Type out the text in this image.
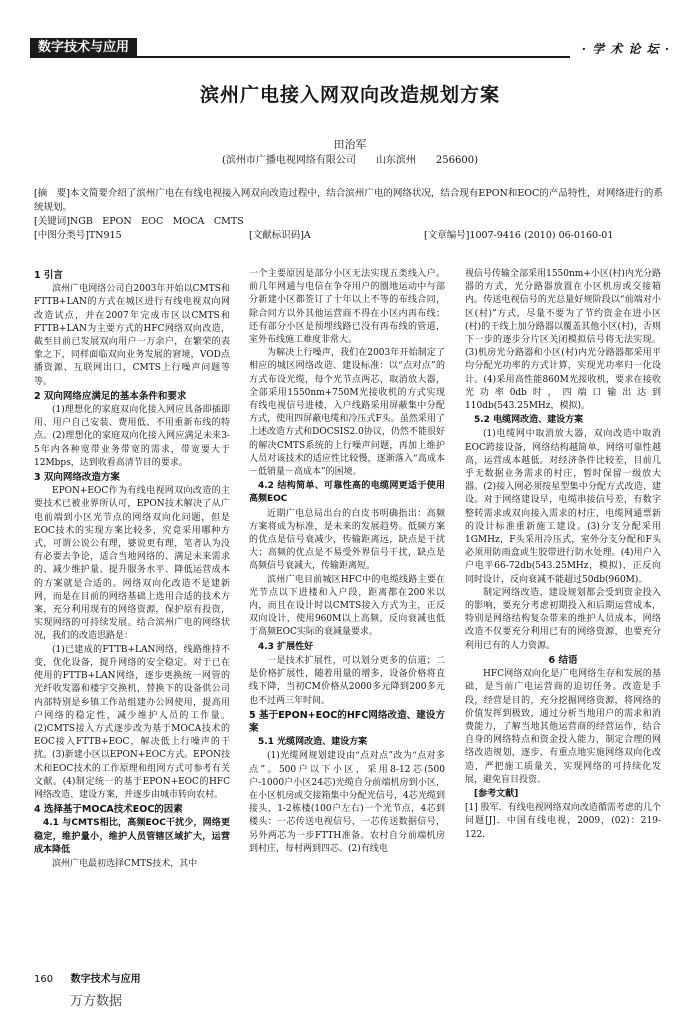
数字技术与应用	· 学 术 论 坛 ·
滨州广电接入网双向改造规划方案
田治军
(滨州市广播电视网络有限公司　　山东滨州　　256600)

[摘　要]本文简要介绍了滨州广电在有线电视接入网双向改造过程中，结合滨州广电的网络状况，结合现有EPON和EOC的产品特性，对网络进行的系统规划。

[关键词]NGB　EPON　EOC　MOCA　CMTS

[中图分类号]TN915	[文献标识码]A	[文章编号]1007-9416 (2010) 06-0160-01
1 引言

滨州广电网络公司自2003年开始以CMTS和FTTB+LAN的方式在城区进行有线电视双向网改造试点，并在2007年完成市区以CMTS和FTTB+LAN为主要方式的HFC网络双向改造，截至目前已发展双向用户一万余户，在繁荣的表象之下，同样面临双向业务发展的窘境，VOD点播资源、互联网出口，CMTS上行噪声问题等等。

2 双向网络应满足的基本条件和要求

(1)理想化的家庭双向化接入网应具备即插即用、用户自己安装、费用低、不用重新布线的特点。(2)理想化的家庭双向化接入网应满足未来3-5年内各种宽带业务带宽的需求，带宽要大于12Mbps，达到收看高清节目的要求。

3 双向网络改造方案

EPON+EOC作为有线电视网双向改造的主要技术已被业界所认可，EPON技术解决了从广电前端到小区光节点的网络双向化问题，但是EOC技术的实现方案比较多，究竟采用哪种方式，可谓公说公有理，婆说更有理，笔者认为没有必要去争论，适合当地网络的、满足未来需求的、减少维护量、提升服务水平、降低运营成本的方案就是合适的。网络双向化改造不是建新网，而是在目前的网络基础上选用合适的技术方案，充分利用现有的网络资源，保护原有投资，实现网络的可持续发展。结合滨州广电的网络状况，我们的改造思路是：

(1)已建成的FTTB+LAN网络，线路维持不变，优化设备，提升网络的安全稳定。对于已在使用的FTTB+LAN网络，逐步更换统一网管的光纤收发器和楼宇交换机，替换下的设备供公司内部特别是乡镇工作站组建办公网使用，提高用户网络的稳定性，减少维护人员的工作量。(2)CMTS接入方式逐步改为基于MOCA技术的EOC接入FTTB+EOC，解决低上行噪声的干扰。(3)新建小区以EPON+EOC方式。EPON技术和EOC技术的工作原理和组网方式可参考有关文献。(4)制定统一的基于EPON+EOC的HFC网络改造、建设方案，并逐步由城市转向农村。

4 选择基于MOCA技术EOC的因素
4.1 与CMTS相比，高频EOC干扰少，网络更稳定，维护量小，维护人员管辖区域扩大，运营成本降低

滨州广电最初选择CMTS技术，其中

一个主要原因是部分小区无法实现五类线入户。前几年网通与电信在争夺用户的圈地运动中与部分新建小区都签订了十年以上不等的布线合同，除合同方以外其他运营商不得在小区内再布线；还有部分小区是预埋线路已没有再布线的管道，室外布线施工难度非常大。

为解决上行噪声，我们在2003年开始制定了相应的城区网络改造、建设标准：以“点对点”的方式布设光缆，每个光节点两芯，取消放大器，全部采用1550nm+750M光接收机的方式实现有线电视信号进楼，入户线路采用屏蔽集中分配方式，使用四屏蔽电缆和冷压式F头。虽然采用了上述改造方式和DOCSIS2.0协议，仍然不能很好的解决CMTS系统的上行噪声问题，再加上维护人员对该技术的适应性比较慢，逐渐落入“高成本－低销量－高成本”的困境。

4.2 结构简单、可靠性高的电缆网更适于使用高频EOC

近期广电总局出台的白皮书明确指出：高频方案将成为标准，是未来的发展趋势。低频方案的优点是信号衰减少，传输距离远，缺点是干扰大；高频的优点是不易受外界信号干扰，缺点是高频信号衰减大，传输距离短。

滨州广电目前城区HFC中的电缆线路主要在光节点以下进楼和入户段，距离都在200米以内，而且在设计时以CMTS接入方式为主，正反双向设计，使用960M以上高频，反向衰减也低于高频EOC实际的衰减量要求。

4.3 扩展性好

一是技术扩展性，可以划分更多的信道；二是价格扩展性，随着用量的增多，设备价格将直线下降，当初CM价格从2000多元降到200多元也不过两三年时间。

5 基于EPON+EOC的HFC网络改造、建设方案
5.1 光缆网改造、建设方案

(1)光缆网规划建设由“点对点”改为“点对多点”。500户以下小区，采用8-12芯(500户-1000户小区24芯)光缆自分前端机房到小区，在小区机房或交接箱集中分配光信号，4芯光缆到接头，1-2栋楼(100户左右)一个光节点，4芯到楼头：一芯传送电视信号，一芯传送数据信号，另外两芯为一步FTTH准备。农村自分前端机房到村庄，每村两到四芯。(2)有线电

视信号传输全部采用1550nm+小区(村)内光分路器的方式，光分路器放置在小区机房或交接箱内。传送电视信号的光总量好规阶段以“前端对小区(村)”方式，尽量不要为了节约资金在进小区(村)的干线上加分路器以覆盖其他小区(村)，否则下一步的逐步分片区关闭模拟信号将无法实现。(3)机房光分路器和小区(村)内光分路器都采用平均分配光功率的方式计算，实现光功率归一化设计。(4)采用高性能860M光接收机，要求在接收光功率0db时，四端口输出达到110db(543.25MHz，模拟)。

5.2 电缆网改造、建设方案

(1)电缆网中取消放大器，双向改造中取消EOC跨接设备，网络结构越简单，网络可靠性越高，运营成本越低。对经济条件比较差，目前几乎无数据业务需求的村庄，暂时保留一级放大器。(2)接入网必须按星型集中分配方式改造、建设。对于网络建设早，电缆串接信号差，有数字整转需求或双向接入需求的村庄，电缆网通票新的设计标准重新施工建设。(3)分支分配采用1GMHz，F头采用冷压式，室外分支分配和F头必须用防雨盒或生胶带进行防水处理。(4)用户入户电平66-72db(543.25MHz，模拟)，正反向同时设计，反向衰减不能超过50db(960M)。

制定网络改造、建设规划都会受到资金投入的影响，要充分考虑初期投入和后期运营成本，特别是网络结构复杂带来的维护人员成本，网络改造不仅要充分利用已有的网络资源，也要充分利用已有的人力资源。

6 结语

HFC网络双向化是广电网络生存和发展的基础，是当前广电运营商的迫切任务。改造是手段，经营是目的，充分挖掘网络资源，将网络的价值发挥到极致，通过分析当地用户的需求和消费能力，了解当地其他运营商的经营运作，结合自身的网络特点和资金投入能力，制定合理的网络改造规划，逐步、有重点地实施网络双向化改造，严把施工质量关，实现网络的可持续化发展，避免盲目投资。

[参考文献]

[1] 殷军．有线电视网络双向改造循需考虑的几个问题[J]．中国有线电视，2009，(02)：219-122.

160 数字技术与应用
万方数据
